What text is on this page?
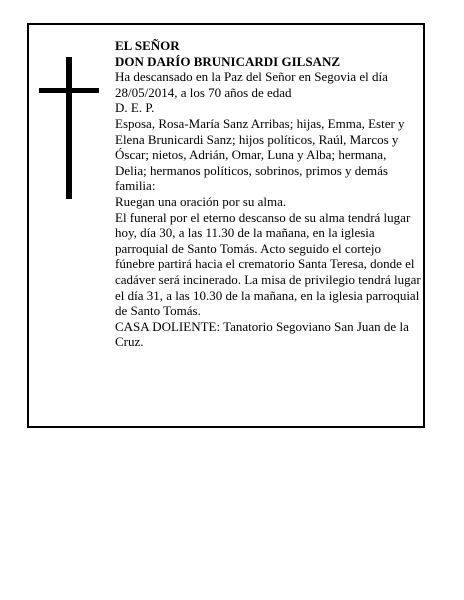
EL SEÑOR

DON DARÍO BRUNICARDI GILSANZ

Ha descansado en la Paz del Señor en Segovia el día 28/05/2014, a los 70 años de edad

D. E. P.

Esposa, Rosa-María Sanz Arribas; hijas, Emma, Ester y Elena Brunicardi Sanz; hijos políticos, Raúl, Marcos y Óscar; nietos, Adrián, Omar, Luna y Alba; hermana, Delia; hermanos políticos, sobrinos, primos y demás familia:

Ruegan una oración por su alma.

El funeral por el eterno descanso de su alma tendrá lugar hoy, día 30, a las 11.30 de la mañana, en la iglesia parroquial de Santo Tomás. Acto seguido el cortejo fúnebre partirá hacia el crematorio Santa Teresa, donde el cadáver será incinerado. La misa de privilegio tendrá lugar el día 31, a las 10.30 de la mañana, en la iglesia parroquial de Santo Tomás.

CASA DOLIENTE: Tanatorio Segoviano San Juan de la Cruz.
